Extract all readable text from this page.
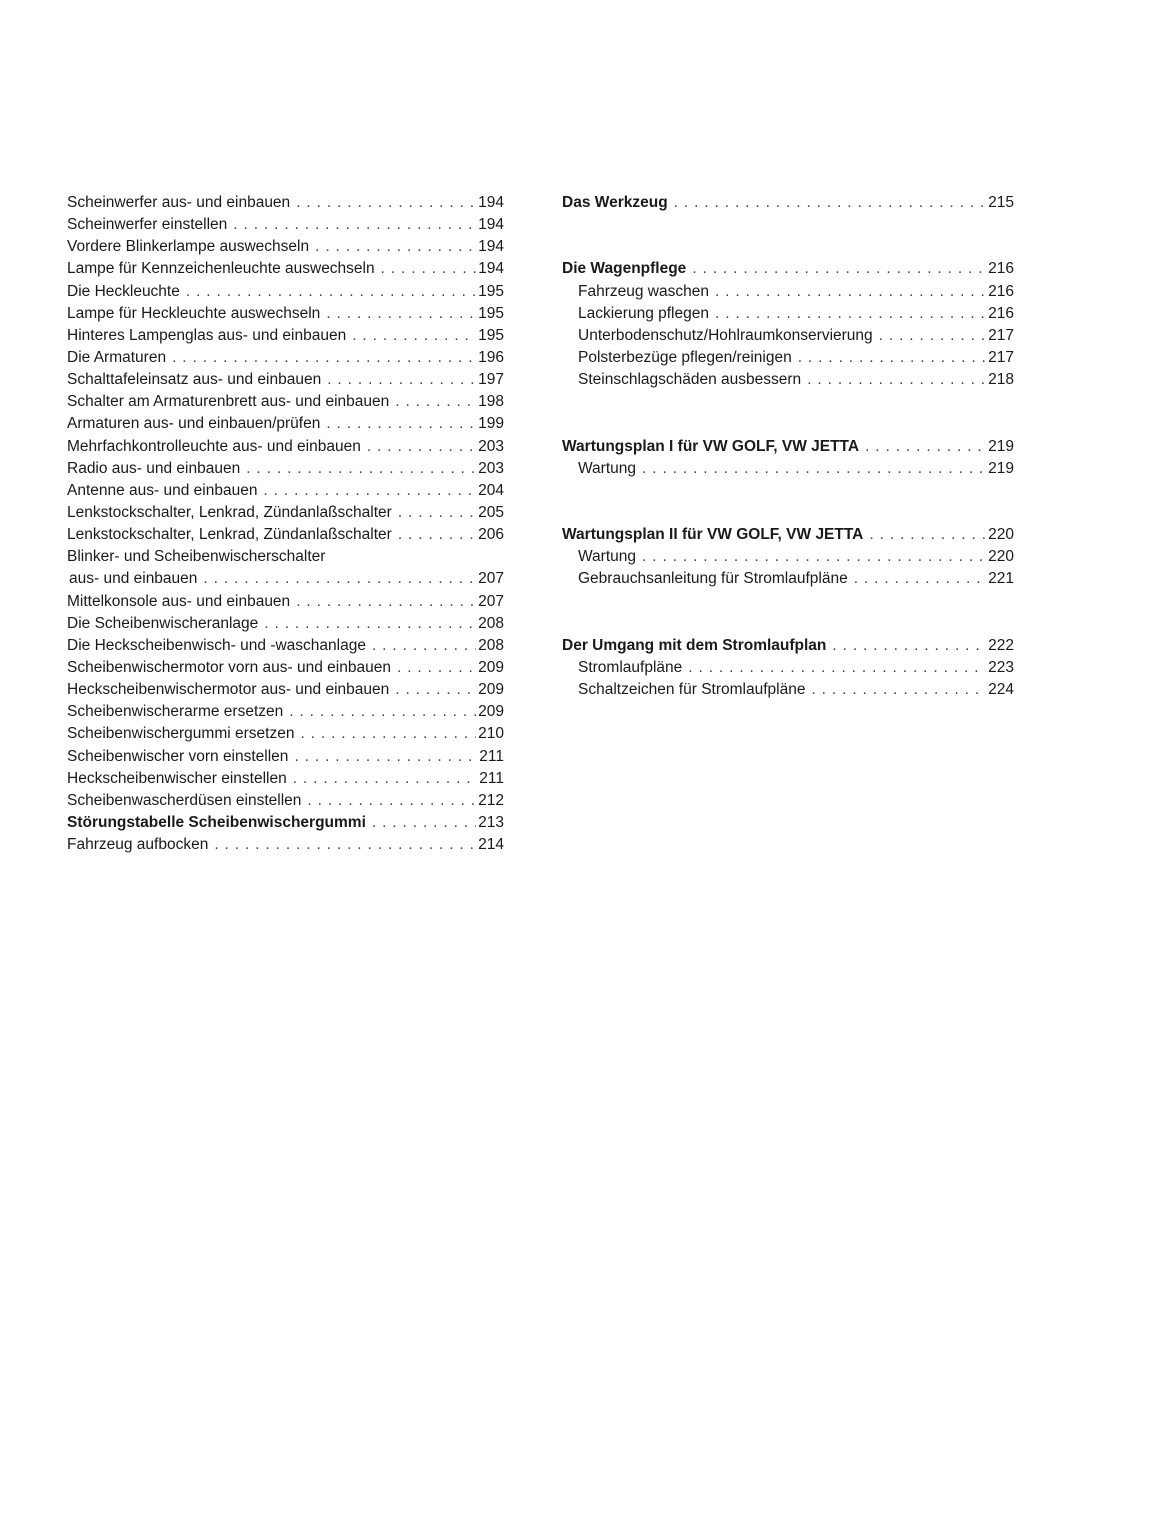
Scheinwerfer aus- und einbauen . . .	194
Scheinwerfer einstellen . . .	194
Vordere Blinkerlampe auswechseln . . .	194
Lampe für Kennzeichenleuchte auswechseln . . .	194
Die Heckleuchte . . .	195
Lampe für Heckleuchte auswechseln . . .	195
Hinteres Lampenglas aus- und einbauen . . .	195
Die Armaturen . . .	196
Schalttafeleinsatz aus- und einbauen . . .	197
Schalter am Armaturenbrett aus- und einbauen . . .	198
Armaturen aus- und einbauen/prüfen . . .	199
Mehrfachkontrolleuchte aus- und einbauen . . .	203
Radio aus- und einbauen . . .	203
Antenne aus- und einbauen . . .	204
Lenkstockschalter, Lenkrad, Zündanlaßschalter . . .	205
Lenkstockschalter, Lenkrad, Zündanlaßschalter . . .	206
Blinker- und Scheibenwischerschalter
aus- und einbauen . . .	207
Mittelkonsole aus- und einbauen . . .	207
Die Scheibenwischeranlage . . .	208
Die Heckscheibenwisch- und -waschanlage . . .	208
Scheibenwischermotor vorn aus- und einbauen . . .	209
Heckscheibenwischermotor aus- und einbauen . . .	209
Scheibenwischerarme ersetzen . . .	209
Scheibenwischergummi ersetzen . . .	210
Scheibenwischer vorn einstellen . . .	211
Heckscheibenwischer einstellen . . .	211
Scheibenwascherdüsen einstellen . . .	212
Störungstabelle Scheibenwischergummi . . .	213
Fahrzeug aufbocken . . .	214
Das Werkzeug . . .	215
Die Wagenpflege . . .	216
Fahrzeug waschen . . .	216
Lackierung pflegen . . .	216
Unterbodenschutz/Hohlraumkonservierung . . .	217
Polsterbezüge pflegen/reinigen . . .	217
Steinschlagschäden ausbessern . . .	218
Wartungsplan I für VW GOLF, VW JETTA . . .	219
Wartung . . .	219
Wartungsplan II für VW GOLF, VW JETTA . . .	220
Wartung . . .	220
Gebrauchsanleitung für Stromlaufpläne . . .	221
Der Umgang mit dem Stromlaufplan . . .	222
Stromlaufpläne . . .	223
Schaltzeichen für Stromlaufpläne . . .	224
